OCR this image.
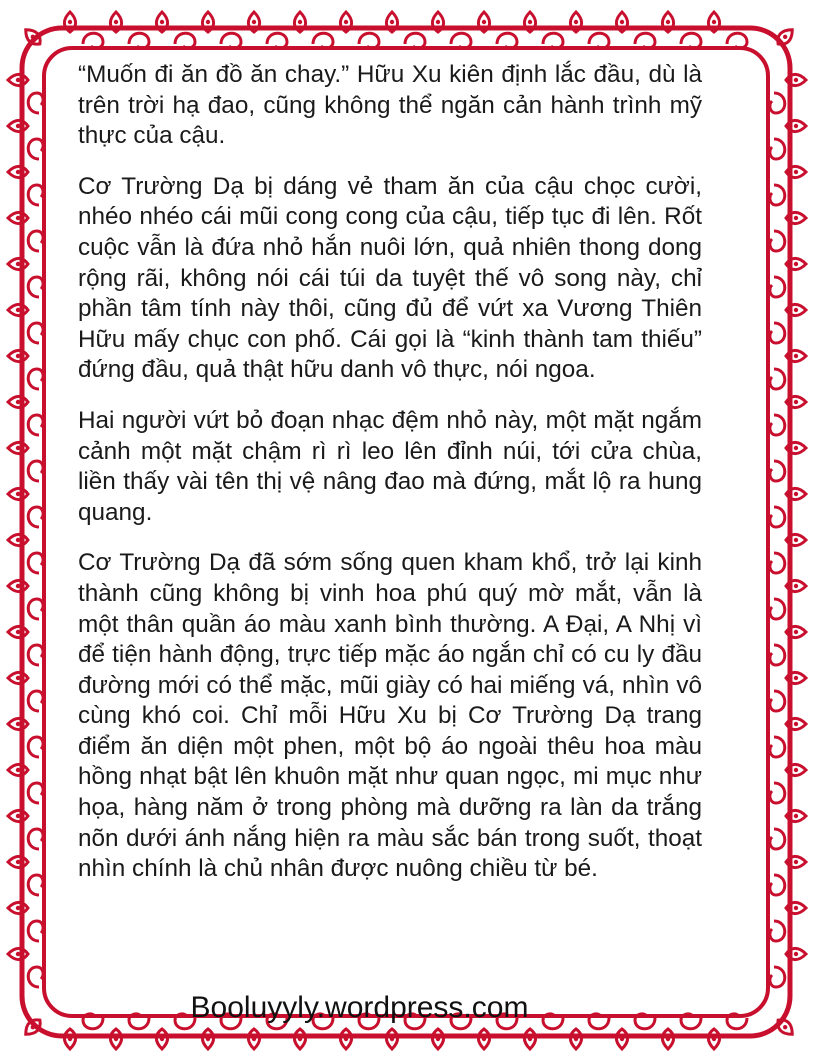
“Muốn đi ăn đồ ăn chay.” Hữu Xu kiên định lắc đầu, dù là trên trời hạ đao, cũng không thể ngăn cản hành trình mỹ thực của cậu.

Cơ Trường Dạ bị dáng vẻ tham ăn của cậu chọc cười, nhéo nhéo cái mũi cong cong của cậu, tiếp tục đi lên. Rốt cuộc vẫn là đứa nhỏ hắn nuôi lớn, quả nhiên thong dong rộng rãi, không nói cái túi da tuyệt thế vô song này, chỉ phần tâm tính này thôi, cũng đủ để vứt xa Vương Thiên Hữu mấy chục con phố. Cái gọi là “kinh thành tam thiếu” đứng đầu, quả thật hữu danh vô thực, nói ngoa.

Hai người vứt bỏ đoạn nhạc đệm nhỏ này, một mặt ngắm cảnh một mặt chậm rì rì leo lên đỉnh núi, tới cửa chùa, liền thấy vài tên thị vệ nâng đao mà đứng, mắt lộ ra hung quang.

Cơ Trường Dạ đã sớm sống quen kham khổ, trở lại kinh thành cũng không bị vinh hoa phú quý mờ mắt, vẫn là một thân quần áo màu xanh bình thường. A Đại, A Nhị vì để tiện hành động, trực tiếp mặc áo ngắn chỉ có cu ly đầu đường mới có thể mặc, mũi giày có hai miếng vá, nhìn vô cùng khó coi. Chỉ mỗi Hữu Xu bị Cơ Trường Dạ trang điểm ăn diện một phen, một bộ áo ngoài thêu hoa màu hồng nhạt bật lên khuôn mặt như quan ngọc, mi mục như họa, hàng năm ở trong phòng mà dưỡng ra làn da trắng nõn dưới ánh nắng hiện ra màu sắc bán trong suốt, thoạt nhìn chính là chủ nhân được nuông chiều từ bé.

Booluyyly.wordpress.com
